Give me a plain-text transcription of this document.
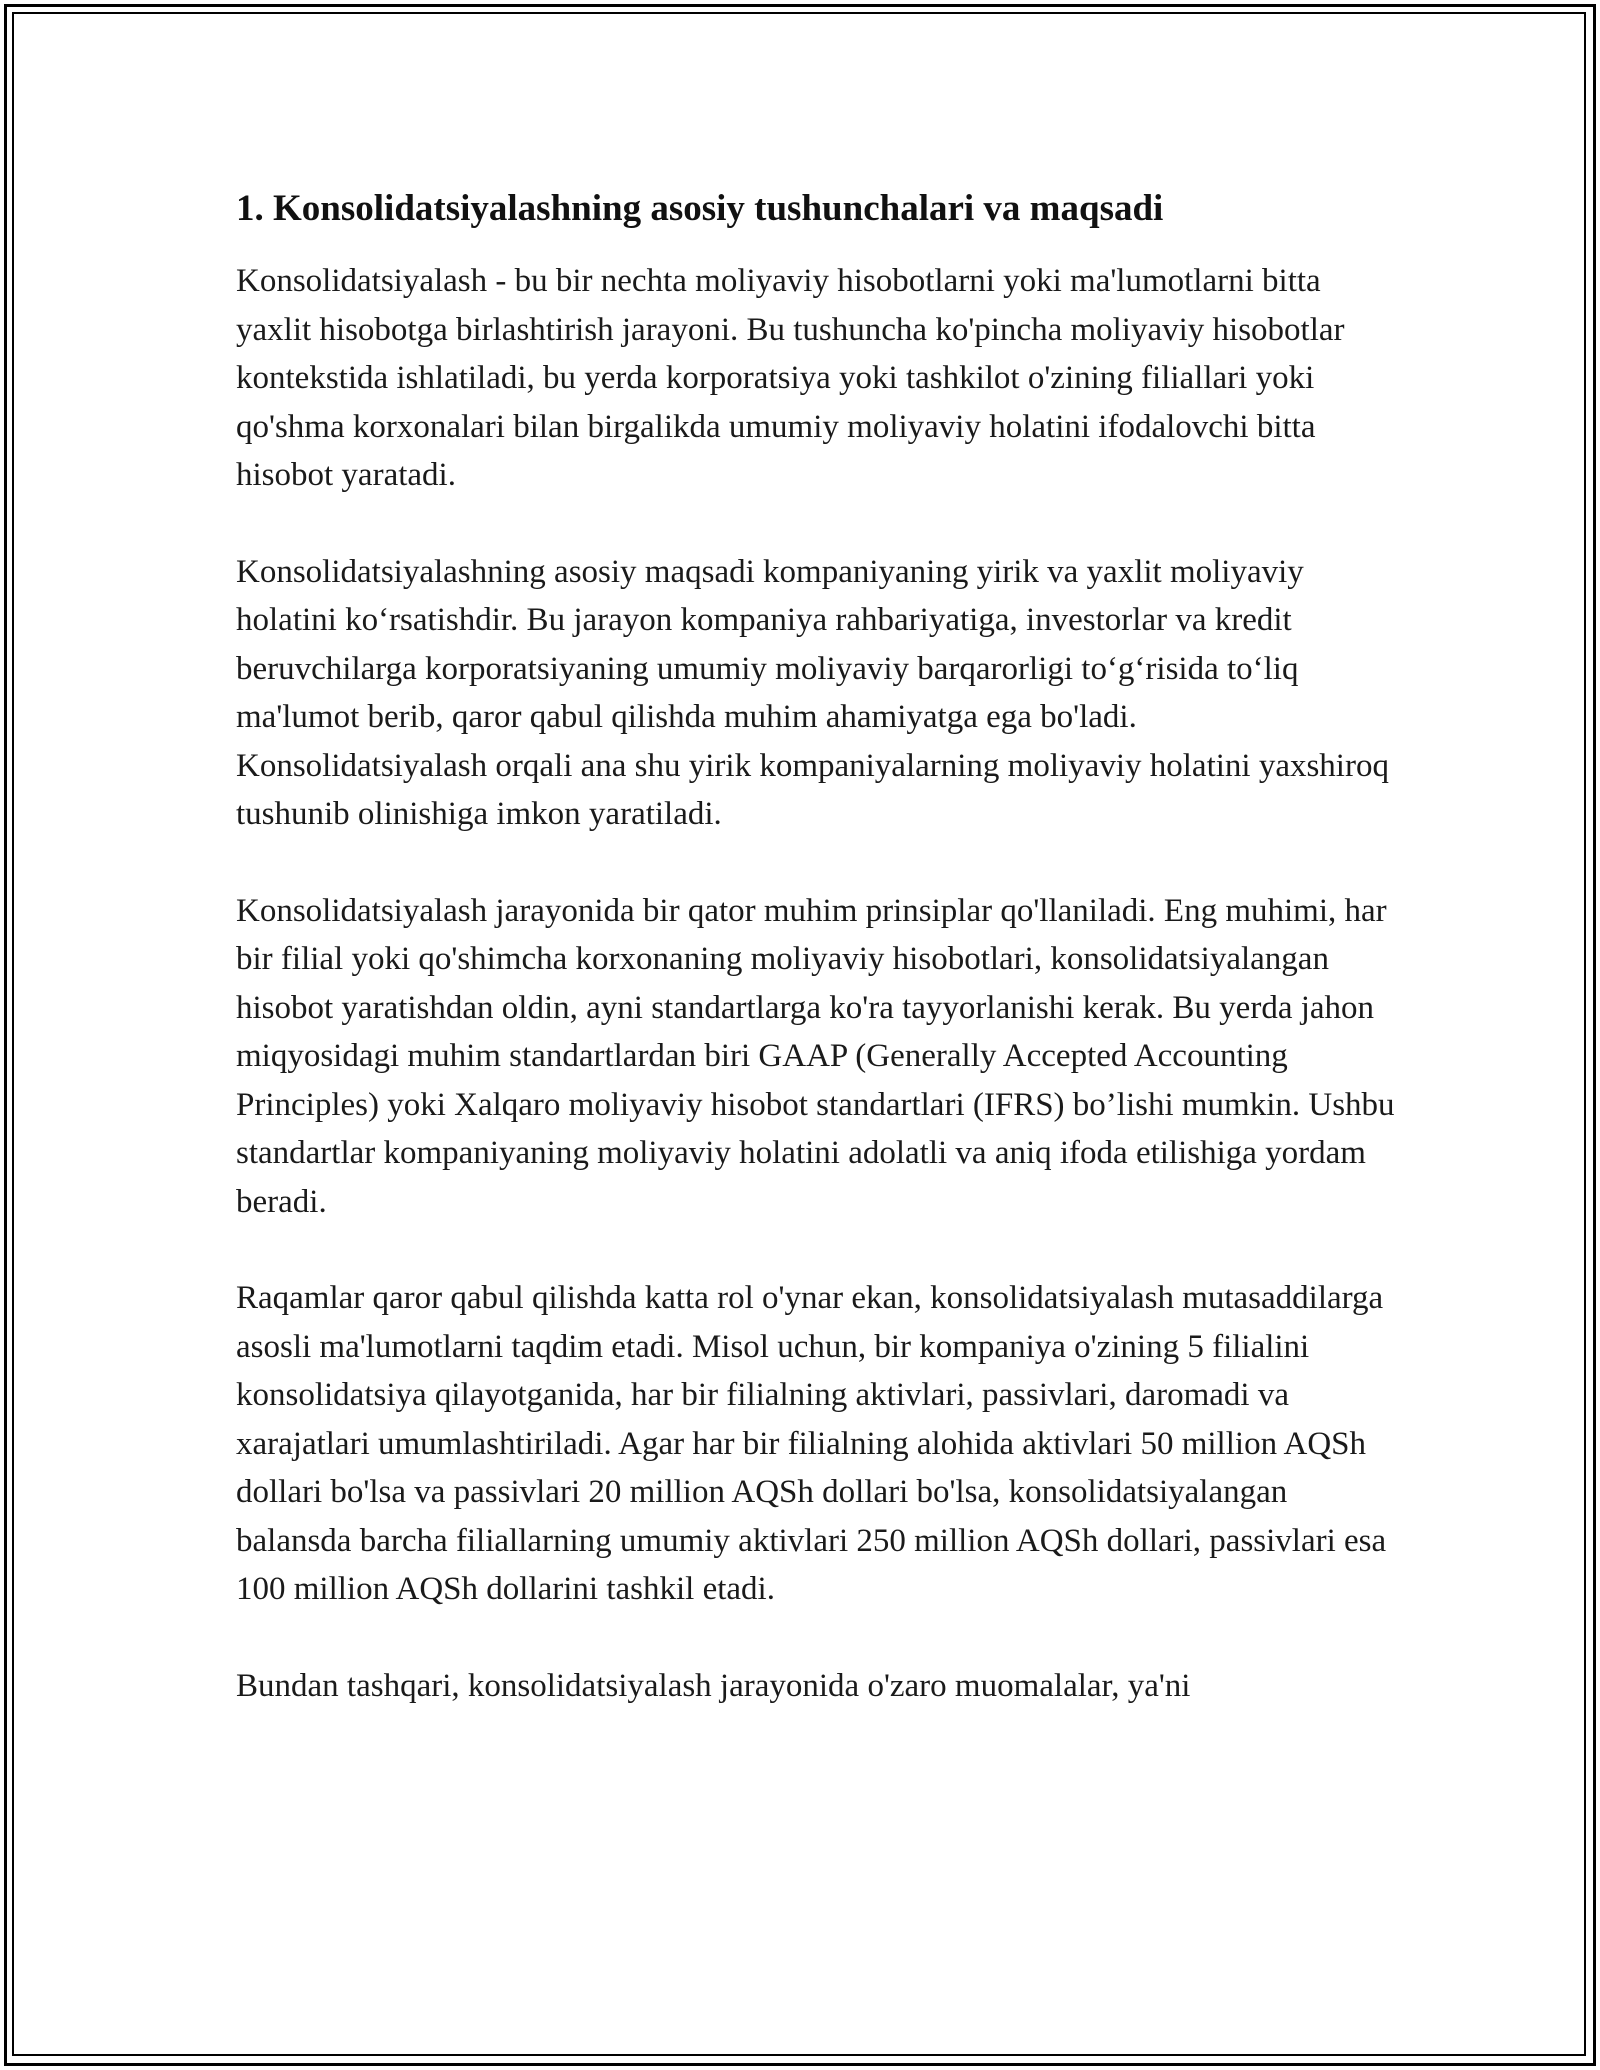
1. Konsolidatsiyalashning asosiy tushunchalari va maqsadi

Konsolidatsiyalash - bu bir nechta moliyaviy hisobotlarni yoki ma'lumotlarni bitta yaxlit hisobotga birlashtirish jarayoni. Bu tushuncha ko'pincha moliyaviy hisobotlar kontekstida ishlatiladi, bu yerda korporatsiya yoki tashkilot o'zining filiallari yoki qo'shma korxonalari bilan birgalikda umumiy moliyaviy holatini ifodalovchi bitta hisobot yaratadi.

Konsolidatsiyalashning asosiy maqsadi kompaniyaning yirik va yaxlit moliyaviy holatini ko‘rsatishdir. Bu jarayon kompaniya rahbariyatiga, investorlar va kredit beruvchilarga korporatsiyaning umumiy moliyaviy barqarorligi to‘g‘risida to‘liq ma'lumot berib, qaror qabul qilishda muhim ahamiyatga ega bo'ladi. Konsolidatsiyalash orqali ana shu yirik kompaniyalarning moliyaviy holatini yaxshiroq tushunib olinishiga imkon yaratiladi.

Konsolidatsiyalash jarayonida bir qator muhim prinsiplar qo'llaniladi. Eng muhimi, har bir filial yoki qo'shimcha korxonaning moliyaviy hisobotlari, konsolidatsiyalangan hisobot yaratishdan oldin, ayni standartlarga ko'ra tayyorlanishi kerak. Bu yerda jahon miqyosidagi muhim standartlardan biri GAAP (Generally Accepted Accounting Principles) yoki Xalqaro moliyaviy hisobot standartlari (IFRS) bo’lishi mumkin. Ushbu standartlar kompaniyaning moliyaviy holatini adolatli va aniq ifoda etilishiga yordam beradi.

Raqamlar qaror qabul qilishda katta rol o'ynar ekan, konsolidatsiyalash mutasaddilarga asosli ma'lumotlarni taqdim etadi. Misol uchun, bir kompaniya o'zining 5 filialini konsolidatsiya qilayotganida, har bir filialning aktivlari, passivlari, daromadi va xarajatlari umumlashtiriladi. Agar har bir filialning alohida aktivlari 50 million AQSh dollari bo'lsa va passivlari 20 million AQSh dollari bo'lsa, konsolidatsiyalangan balansda barcha filiallarning umumiy aktivlari 250 million AQSh dollari, passivlari esa 100 million AQSh dollarini tashkil etadi.

Bundan tashqari, konsolidatsiyalash jarayonida o'zaro muomalalar, ya'ni
